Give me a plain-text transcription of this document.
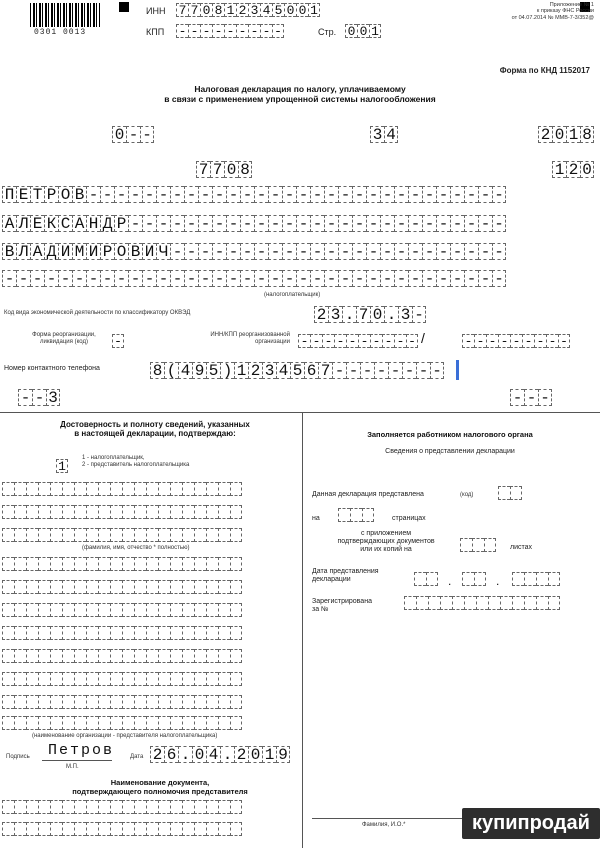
0301 0013
ИНН 7 7 0 8 1 2 3 4 5 0 0 1
КПП - - - - - - - - -	Стр. 0 0 1
Приложение № 1
к приказу ФНС России
от 04.07.2014 № ММВ-7-3/352@
Форма по КНД 1152017
Налоговая декларация по налогу, уплачиваемому
в связи с применением упрощенной системы налогообложения
0 - -	3 4	2 0 1 8
7 7 0 8	1 2 0
П Е Т Р О В - - - - - - - - - - - - - - - - - - - - - - - - - - - - - -
А Л Е К С А Н Д Р - - - - - - - - - - - - - - - - - - - - - - - - - - -
В Л А Д И М И Р О В И Ч - - - - - - - - - - - - - - - - - - - - - - - -
- - - - - - - - - - - - - - - - - - - - - - - - - - - - - - - - - - - -
(налогоплательщик)
Код вида экономической деятельности по классификатору ОКВЭД	2 3 . 7 0 . 3 -
Форма реорганизации, ликвидация (код)	-	ИНН/КПП реорганизованной организации - - - - - - - - - - /	- - - - - - - - -
Номер контактного телефона	8 ( 4 9 5 ) 1 2 3 4 5 6 7 - - - - - - - -
- - 3	- - -
Достоверность и полноту сведений, указанных
в настоящей декларации, подтверждаю:
1
1 - налогоплательщик,
2 - представитель налогоплательщика
(фамилия, имя, отчество * полностью)
(наименование организации - представителя налогоплательщика)
Подпись Петров
М.П.
Дата 2 6 . 0 4 . 2 0 1 9
Наименование документа,
подтверждающего полномочия представителя
Заполняется работником налогового органа
Сведения о представлении декларации
Данная декларация представлена	(код)
на	страницах
с приложением
подтверждающих документов
или их копий на	листах
Дата представления
декларации	.	.
Зарегистрирована
за №
Фамилия, И.О.*	купипродай
